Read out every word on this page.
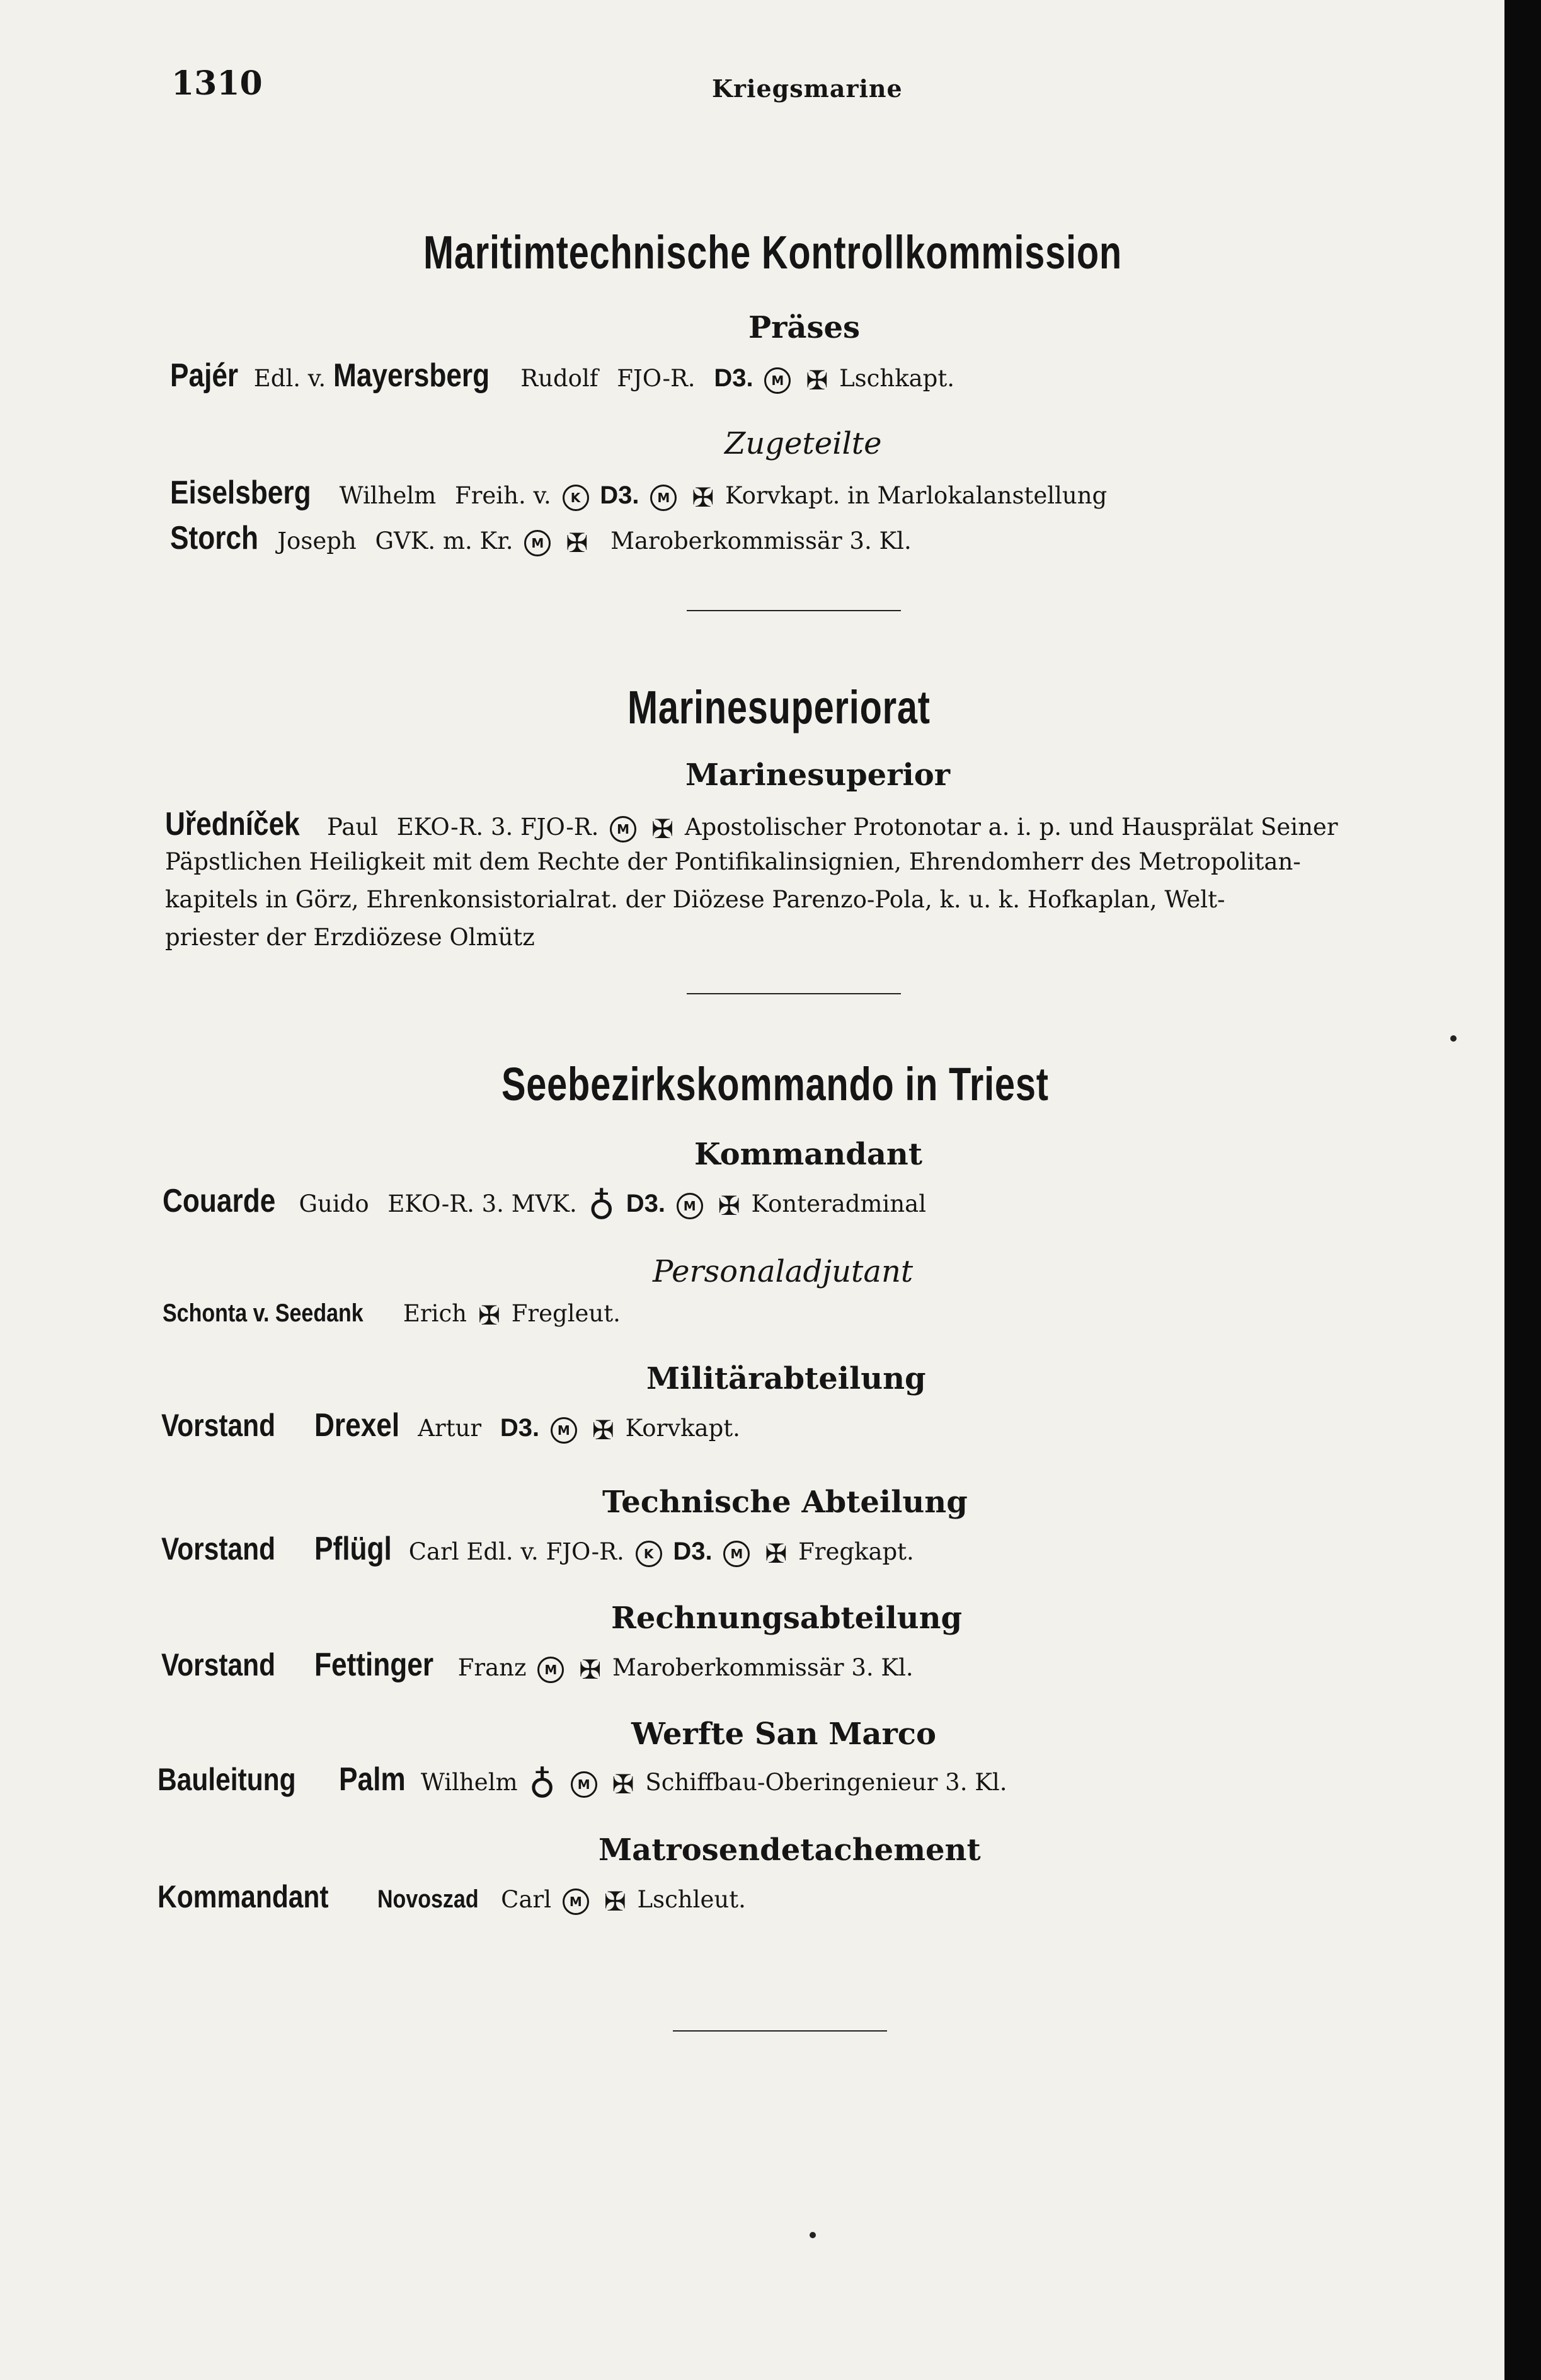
1310	Kriegsmarine
Maritimtechnische Kontrollkommission
Präses
Pajér Edl. v. Mayersberg Rudolf FJO-R. D3. M ✠ Lschkapt.
Zugeteilte
Eiselsberg Wilhelm Freih. v. K D3. M ✠ Korvkapt. in Marlokalanstellung
Storch Joseph GVK. m. Kr. M ✠ Maroberkommissär 3. Kl.
Marinesuperiorat
Marinesuperior
Uředníček Paul EKO-R. 3. FJO-R. M ✠ Apostolischer Protonotar a. i. p. und Hausprälat Seiner
Päpstlichen Heiligkeit mit dem Rechte der Pontifikalinsignien, Ehrendomherr des Metropolitan-
kapitels in Görz, Ehrenkonsistorialrat. der Diözese Parenzo-Pola, k. u. k. Hofkaplan, Welt-
priester der Erzdiözese Olmütz
Seebezirkskommando in Triest
Kommandant
Couarde Guido EKO-R. 3. MVK. ♁ D3. M ✠ Konteradminal
Personaladjutant
Schonta v. Seedank Erich ✠ Fregleut.
Militärabteilung
Vorstand Drexel Artur D3. M ✠ Korvkapt.
Technische Abteilung
Vorstand Pflügl Carl Edl. v. FJO-R. K D3. M ✠ Fregkapt.
Rechnungsabteilung
Vorstand Fettinger Franz M ✠ Maroberkommissär 3. Kl.
Werfte San Marco
Bauleitung Palm Wilhelm ♁ M ✠ Schiffbau-Oberingenieur 3. Kl.
Matrosendetachement
Kommandant Novoszad Carl M ✠ Lschleut.
